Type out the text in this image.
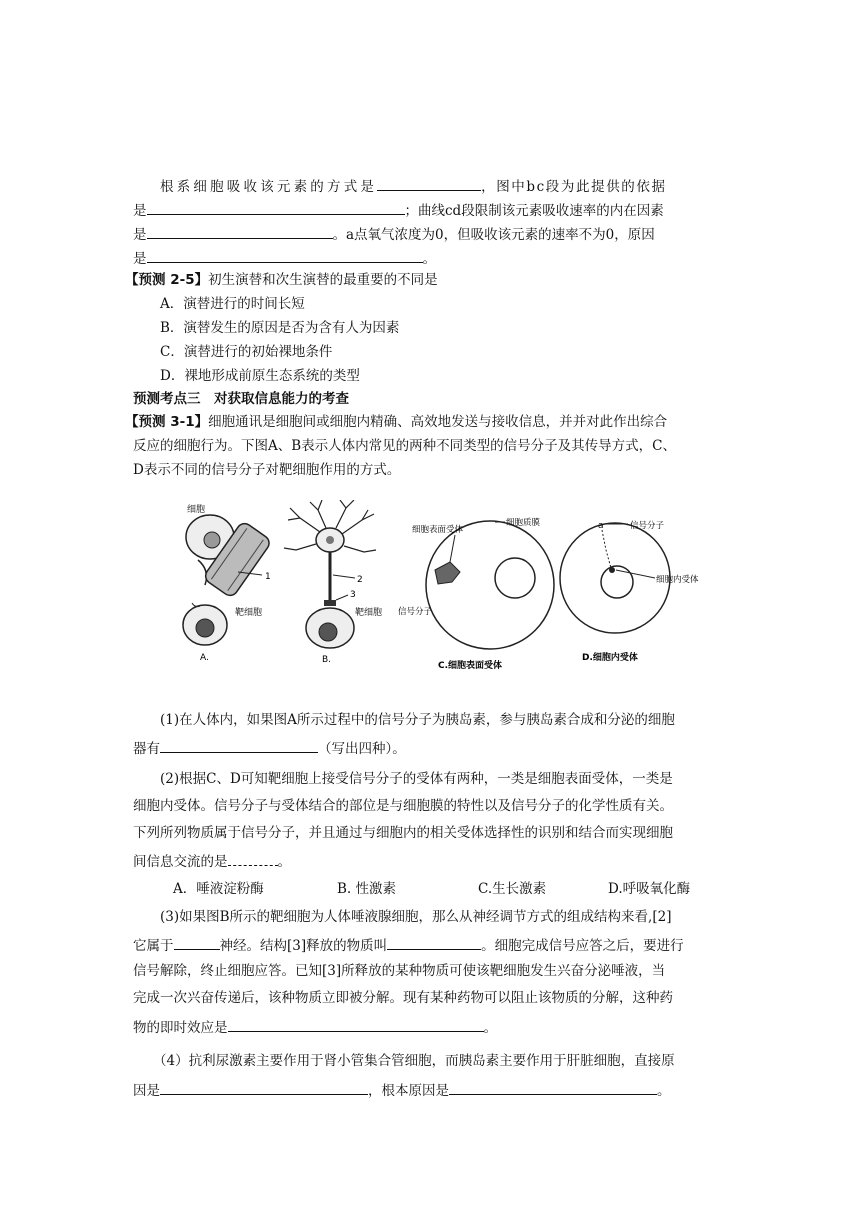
根系细胞吸收该元素的方式是	，图中bc段为此提供的依据
是	；曲线cd段限制该元素吸收速率的内在因素
是	。a点氧气浓度为0，但吸收该元素的速率不为0，原因
是	。
【预测 2-5】初生演替和次生演替的最重要的不同是
A．演替进行的时间长短
B．演替发生的原因是否为含有人为因素
C．演替进行的初始裸地条件
D．裸地形成前原生态系统的类型
预测考点三　对获取信息能力的考查
【预测 3-1】细胞通讯是细胞间或细胞内精确、高效地发送与接收信息，并并对此作出综合
反应的细胞行为。下图A、B表示人体内常见的两种不同类型的信号分子及其传导方式，C、
D表示不同的信号分子对靶细胞作用的方式。
1
细胞
靶细胞
A.
2
3
靶细胞
B.
细胞表面受体
细胞质膜
信号分子
C.细胞表面受体
a	信号分子
细胞内受体
D.细胞内受体
(1)在人体内，如果图A所示过程中的信号分子为胰岛素，参与胰岛素合成和分泌的细胞
器有	（写出四种）。
(2)根据C、D可知靶细胞上接受信号分子的受体有两种，一类是细胞表面受体，一类是
细胞内受体。信号分子与受体结合的部位是与细胞膜的特性以及信号分子的化学性质有关。
下列所列物质属于信号分子，并且通过与细胞内的相关受体选择性的识别和结合而实现细胞
间信息交流的是	。
A．唾液淀粉酶	B. 性激素	C.生长激素	D.呼吸氧化酶
(3)如果图B所示的靶细胞为人体唾液腺细胞，那么从神经调节方式的组成结构来看,[2]
它属于	神经。结构[3]释放的物质叫	。细胞完成信号应答之后，要进行
信号解除，终止细胞应答。已知[3]所释放的某种物质可使该靶细胞发生兴奋分泌唾液，当
完成一次兴奋传递后，该种物质立即被分解。现有某种药物可以阻止该物质的分解，这种药
物的即时效应是	。
（4）抗利尿激素主要作用于肾小管集合管细胞，而胰岛素主要作用于肝脏细胞，直接原
因是	，根本原因是	。
